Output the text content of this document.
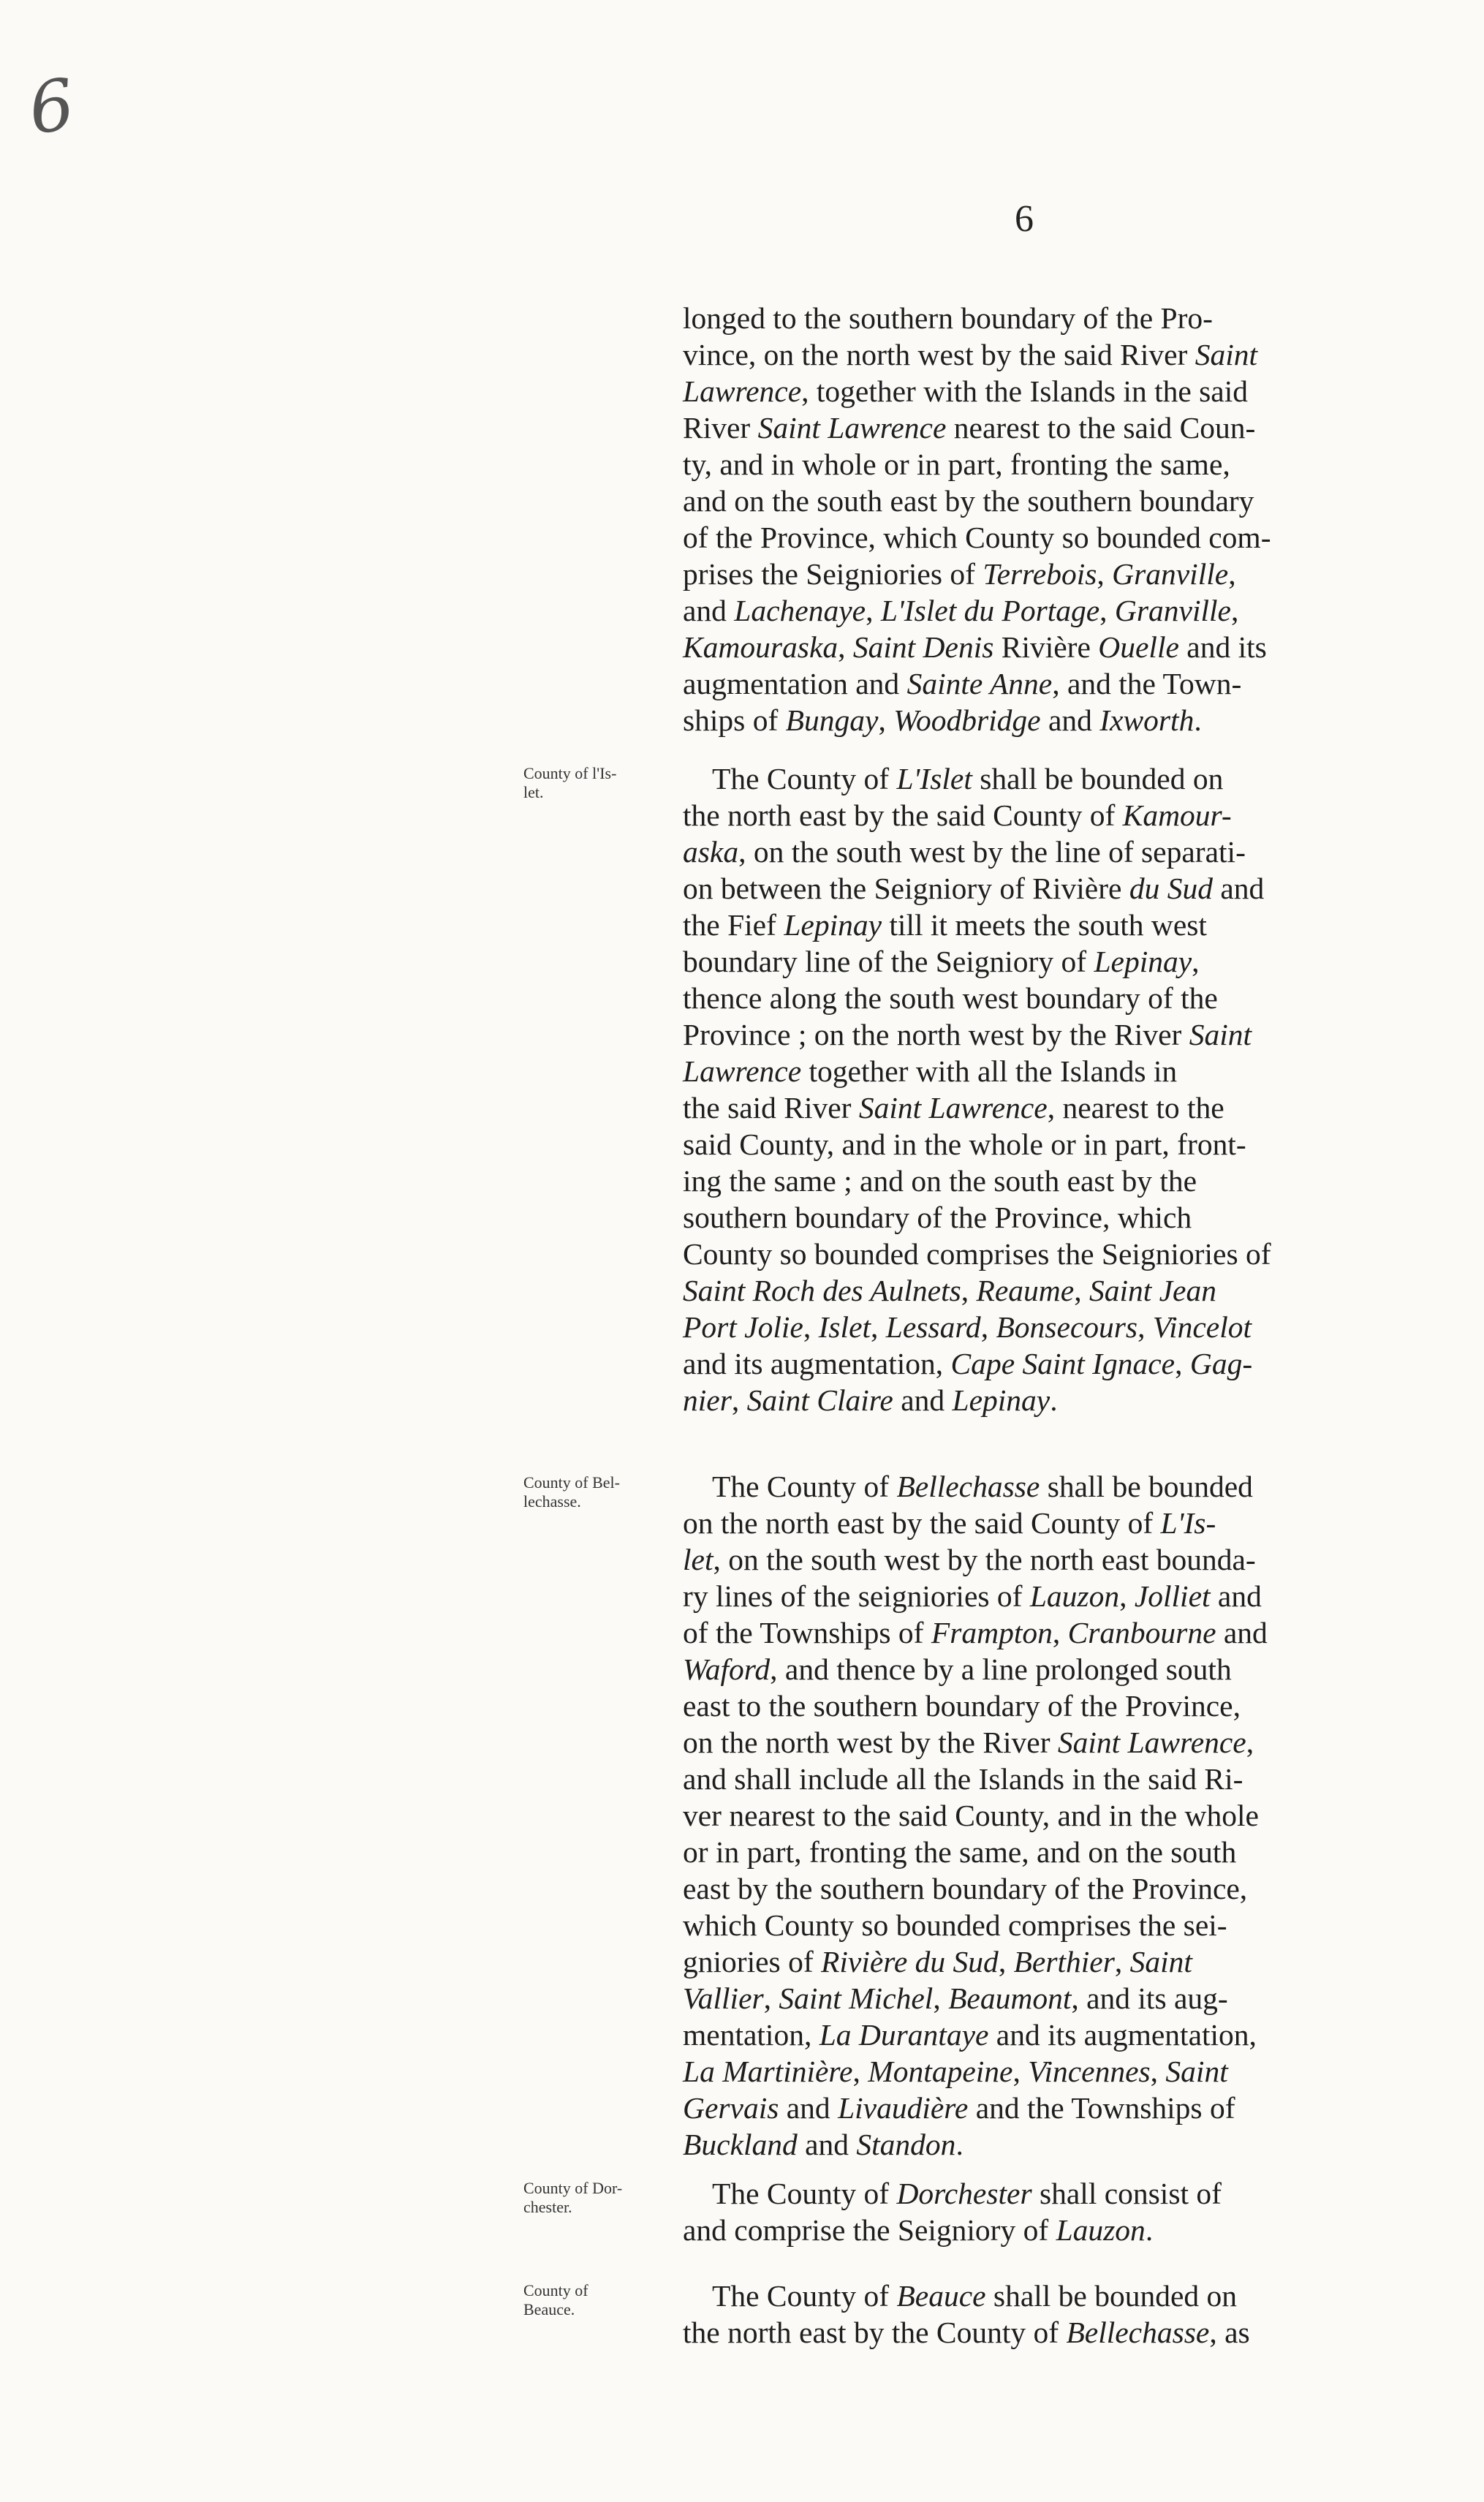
6
6
longed to the southern boundary of the Pro-
vince, on the north west by the said River Saint
Lawrence, together with the Islands in the said
River Saint Lawrence nearest to the said Coun-
ty, and in whole or in part, fronting the same,
and on the south east by the southern boundary
of the Province, which County so bounded com-
prises the Seigniories of Terrebois, Granville,
and Lachenaye, L'Islet du Portage, Granville,
Kamouraska, Saint Denis Rivière Ouelle and its
augmentation and Sainte Anne, and the Town-
ships of Bungay, Woodbridge and Ixworth.
County of l'Is-let.	The County of L'Islet shall be bounded on
the north east by the said County of Kamour-
aska, on the south west by the line of separati-
on between the Seigniory of Rivière du Sud and
the Fief Lepinay till it meets the south west
boundary line of the Seigniory of Lepinay,
thence along the south west boundary of the
Province ; on the north west by the River Saint
Lawrence together with all the Islands in
the said River Saint Lawrence, nearest to the
said County, and in the whole or in part, front-
ing the same ; and on the south east by the
southern boundary of the Province, which
County so bounded comprises the Seigniories of
Saint Roch des Aulnets, Reaume, Saint Jean
Port Jolie, Islet, Lessard, Bonsecours, Vincelot
and its augmentation, Cape Saint Ignace, Gag-
nier, Saint Claire and Lepinay.
County of Bel-lechasse.	The County of Bellechasse shall be bounded
on the north east by the said County of L'Is-
let, on the south west by the north east bounda-
ry lines of the seigniories of Lauzon, Jolliet and
of the Townships of Frampton, Cranbourne and
Waford, and thence by a line prolonged south
east to the southern boundary of the Province,
on the north west by the River Saint Lawrence,
and shall include all the Islands in the said Ri-
ver nearest to the said County, and in the whole
or in part, fronting the same, and on the south
east by the southern boundary of the Province,
which County so bounded comprises the sei-
gniories of Rivière du Sud, Berthier, Saint
Vallier, Saint Michel, Beaumont, and its aug-
mentation, La Durantaye and its augmentation,
La Martinière, Montapeine, Vincennes, Saint
Gervais and Livaudière and the Townships of
Buckland and Standon.
County of Dor-chester.	The County of Dorchester shall consist of
and comprise the Seigniory of Lauzon.
County of Beauce.	The County of Beauce shall be bounded on
the north east by the County of Bellechasse, as
